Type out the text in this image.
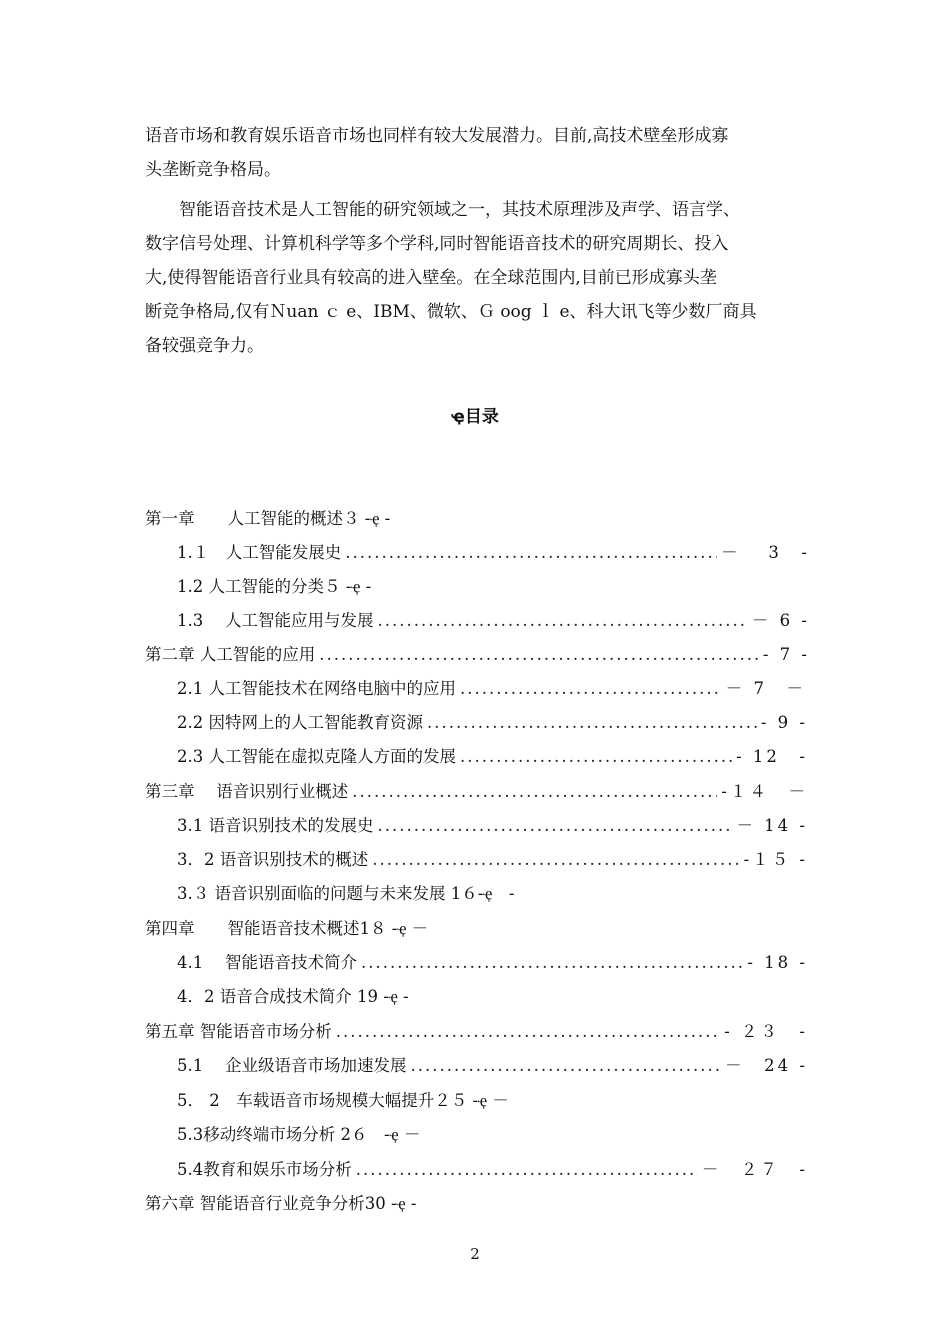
语音市场和教育娱乐语音市场也同样有较大发展潜力。目前,高技术壁垒形成寡
头垄断竞争格局。
　　智能语音技术是人工智能的研究领域之一，其技术原理涉及声学、语言学、
数字信号处理、计算机科学等多个学科,同时智能语音技术的研究周期长、投入
大,使得智能语音行业具有较高的进入壁垒。在全球范围内,目前已形成寡头垄
断竞争格局,仅有Ｎuan ｃ e、IBM、微软、Ｇ oog ｌ e、科大讯飞等少数厂商具
备较强竞争力。
ҿ目录
第一章　　人工智能的概述３ -ҿ -
1.１　人工智能发展史 .....	－　 3　-
1.2 人工智能的分类５ -ҿ -
1.3　 人工智能应用与发展 .....	－ 6 -
第二章 人工智能的应用 .....	- 7 -
2.1 人工智能技术在网络电脑中的应用 .....	－ 7　－
2.2 因特网上的人工智能教育资源 .....	- 9 -
2.3 人工智能在虚拟克隆人方面的发展 .....	- 12　-
第三章　 语音识别行业概述 .....	-１４　－
3.1 语音识别技术的发展史 .....	－ 14 -
3．2 语音识别技术的概述 .....	-１５ -
3.３ 语音识别面临的问题与未来发展 1６-ҿ　-
第四章　　智能语音技术概述1８ -ҿ －
4.1　 智能语音技术简介 .....	- 18 -
4．2 语音合成技术简介 19 -ҿ -
第五章 智能语音市场分析 .....	- ２３　-
5.1　 企业级语音市场加速发展 .....	－　24 -
5． 2　车载语音市场规模大幅提升２５ -ҿ －
5.3移动终端市场分析 2６　-ҿ －
5.4教育和娱乐市场分析 .....	－　２７　-
第六章 智能语音行业竞争分析30 -ҿ -
2
